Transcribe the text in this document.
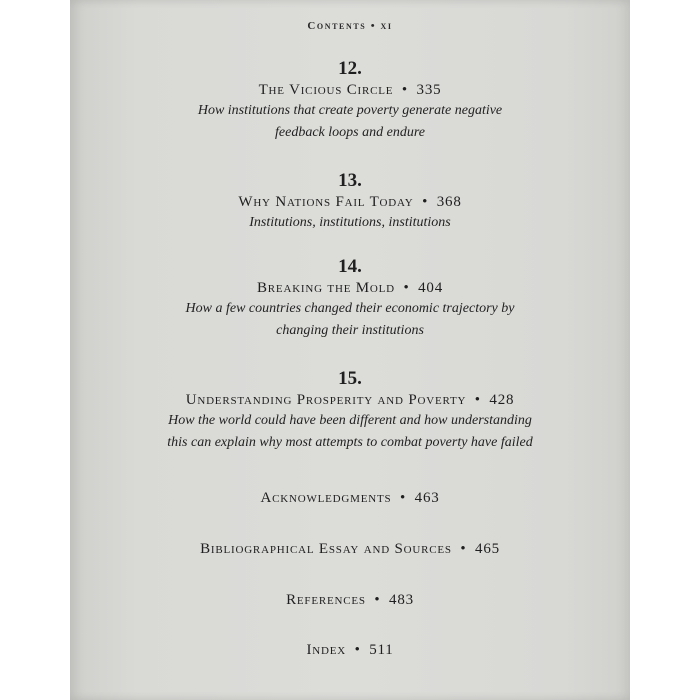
Contents • xi
12.
The Vicious Circle • 335
How institutions that create poverty generate negative
feedback loops and endure
13.
Why Nations Fail Today • 368
Institutions, institutions, institutions
14.
Breaking the Mold • 404
How a few countries changed their economic trajectory by
changing their institutions
15.
Understanding Prosperity and Poverty • 428
How the world could have been different and how understanding
this can explain why most attempts to combat poverty have failed
Acknowledgments • 463
Bibliographical Essay and Sources • 465
References • 483
Index • 511
